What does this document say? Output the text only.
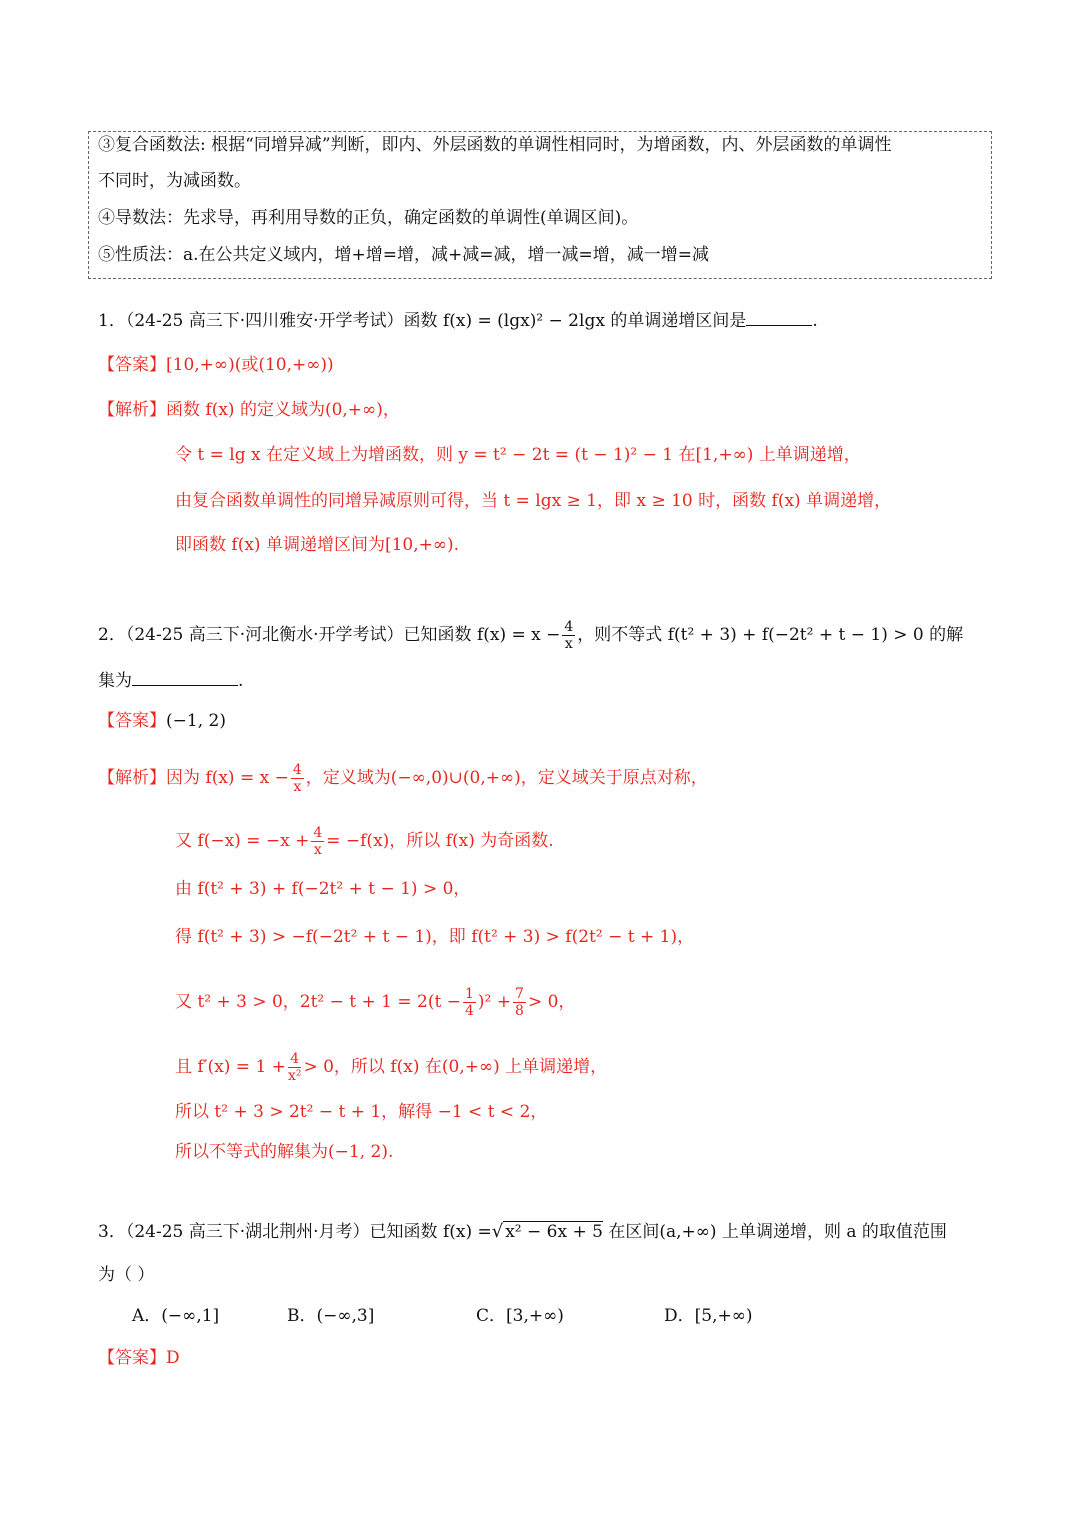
③复合函数法: 根据“同增异减”判断，即内、外层函数的单调性相同时，为增函数，内、外层函数的单调性
不同时，为减函数。
④导数法：先求导，再利用导数的正负，确定函数的单调性(单调区间)。
⑤性质法：a.在公共定义域内，增+增=增，减+减=减，增一减=增，减一增=减
1．（24-25 高三下·四川雅安·开学考试）函数 f(x) = (lgx)² − 2lgx 的单调递增区间是	.
【答案】[10,+∞)(或(10,+∞))
【解析】函数 f(x) 的定义域为(0,+∞)，
令 t = lg x 在定义域上为增函数，则 y = t² − 2t = (t − 1)² − 1 在[1,+∞) 上单调递增，
由复合函数单调性的同增异减原则可得，当 t = lgx ≥ 1，即 x ≥ 10 时，函数 f(x) 单调递增，
即函数 f(x) 单调递增区间为[10,+∞).
2．（24-25 高三下·河北衡水·开学考试）已知函数 $f(x) = x - \frac{4}{x}$ ，则不等式 f(t² + 3) + f(−2t² + t − 1) > 0 的解
集为	.
【答案】(−1, 2)
【解析】因为 $f(x) = x - \frac{4}{x}$ ，定义域为(−∞,0)∪(0,+∞)，定义域关于原点对称，
又 $f(-x) = -x + \frac{4}{x} = -f(x)$，所以 f(x) 为奇函数.
由 f(t² + 3) + f(−2t² + t − 1) > 0，
得 f(t² + 3) > −f(−2t² + t − 1)，即 f(t² + 3) > f(2t² − t + 1)，
又 t² + 3 > 0，$2t^2 - t + 1 = 2(t - \frac{1}{4} )^2 + \frac{7}{8} > 0$，
且 $f'(x) = 1 + \frac{4}{\text{x²}} > 0$，所以 f(x) 在(0,+∞) 上单调递增，
所以 t² + 3 > 2t² − t + 1，解得 −1 < t < 2，
所以不等式的解集为(−1, 2).
3．（24-25 高三下·湖北荆州·月考）已知函数 f(x) =√ x² − 6x + 5 在区间(a,+∞) 上单调递增，则 a 的取值范围
为（ ）
A．(−∞,1]	B．(−∞,3]	C．[3,+∞)	D．[5,+∞)
【答案】D
